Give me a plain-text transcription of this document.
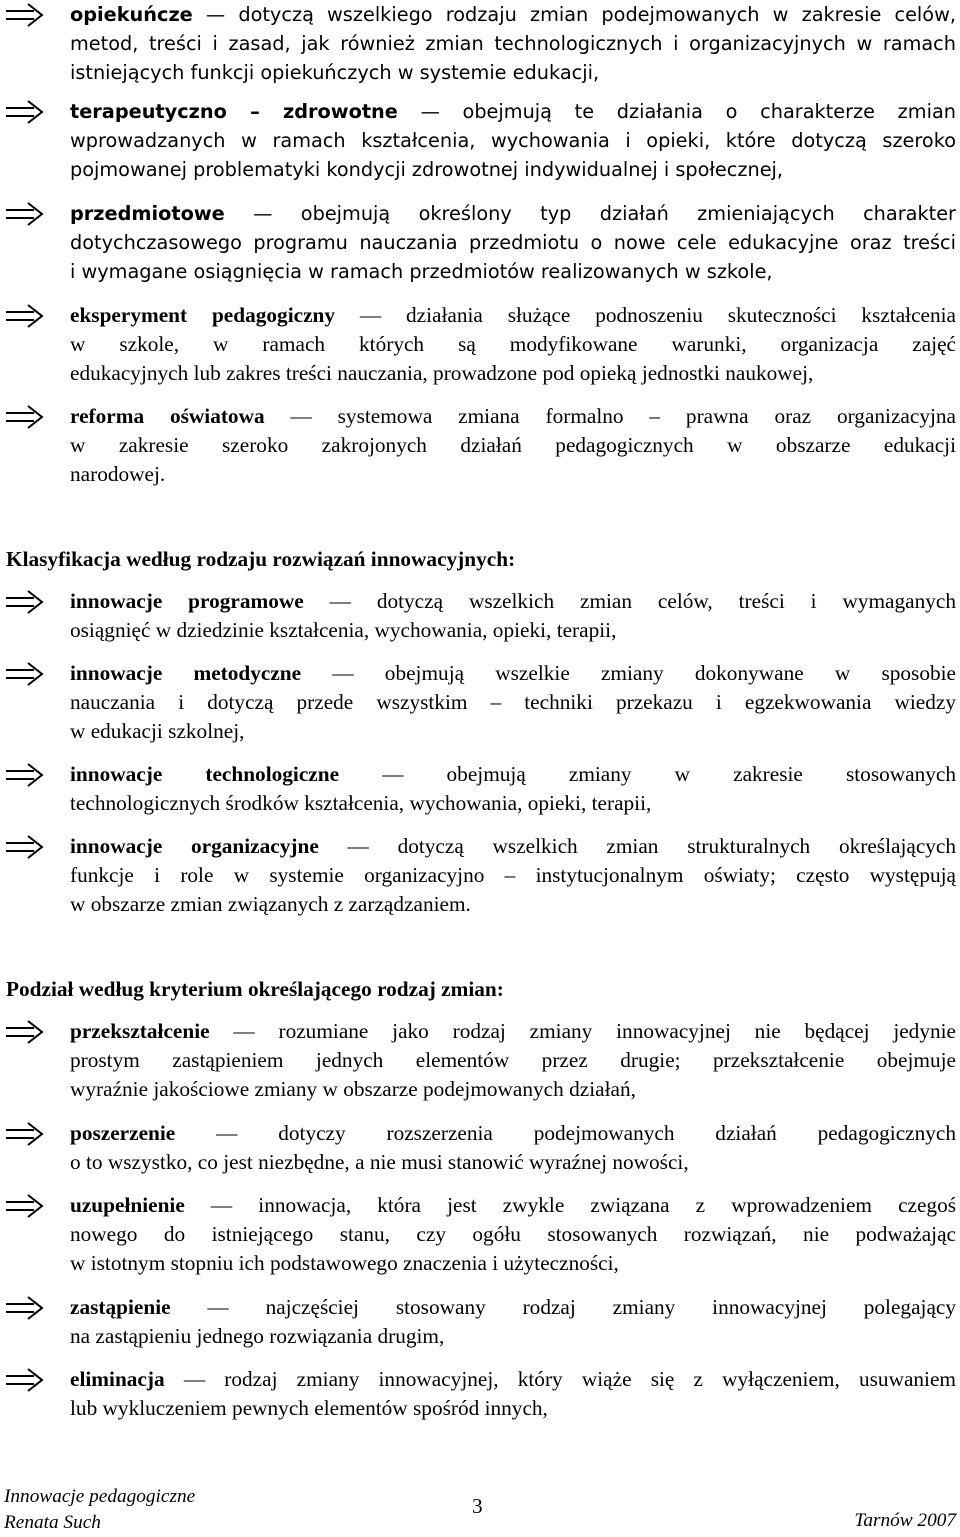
opiekuńcze — dotyczą wszelkiego rodzaju zmian podejmowanych w zakresie celów,
metod, treści i zasad, jak również zmian technologicznych i organizacyjnych w ramach
istniejących funkcji opiekuńczych w systemie edukacji,

terapeutyczno – zdrowotne — obejmują te działania o charakterze zmian
wprowadzanych w ramach kształcenia, wychowania i opieki, które dotyczą szeroko
pojmowanej problematyki kondycji zdrowotnej indywidualnej i społecznej,

przedmiotowe — obejmują określony typ działań zmieniających charakter
dotychczasowego programu nauczania przedmiotu o nowe cele edukacyjne oraz treści
i wymagane osiągnięcia w ramach przedmiotów realizowanych w szkole,

eksperyment pedagogiczny — działania służące podnoszeniu skuteczności kształcenia
w szkole, w ramach których są modyfikowane warunki, organizacja zajęć
edukacyjnych lub zakres treści nauczania, prowadzone pod opieką jednostki naukowej,

reforma oświatowa — systemowa zmiana formalno – prawna oraz organizacyjna
w zakresie szeroko zakrojonych działań pedagogicznych w obszarze edukacji
narodowej.

Klasyfikacja według rodzaju rozwiązań innowacyjnych:

innowacje programowe — dotyczą wszelkich zmian celów, treści i wymaganych
osiągnięć w dziedzinie kształcenia, wychowania, opieki, terapii,

innowacje metodyczne — obejmują wszelkie zmiany dokonywane w sposobie
nauczania i dotyczą przede wszystkim – techniki przekazu i egzekwowania wiedzy
w edukacji szkolnej,

innowacje technologiczne — obejmują zmiany w zakresie stosowanych
technologicznych środków kształcenia, wychowania, opieki, terapii,

innowacje organizacyjne — dotyczą wszelkich zmian strukturalnych określających
funkcje i role w systemie organizacyjno – instytucjonalnym oświaty; często występują
w obszarze zmian związanych z zarządzaniem.

Podział według kryterium określającego rodzaj zmian:

przekształcenie — rozumiane jako rodzaj zmiany innowacyjnej nie będącej jedynie
prostym zastąpieniem jednych elementów przez drugie; przekształcenie obejmuje
wyraźnie jakościowe zmiany w obszarze podejmowanych działań,

poszerzenie — dotyczy rozszerzenia podejmowanych działań pedagogicznych
o to wszystko, co jest niezbędne, a nie musi stanowić wyraźnej nowości,

uzupełnienie — innowacja, która jest zwykle związana z wprowadzeniem czegoś
nowego do istniejącego stanu, czy ogółu stosowanych rozwiązań, nie podważając
w istotnym stopniu ich podstawowego znaczenia i użyteczności,

zastąpienie — najczęściej stosowany rodzaj zmiany innowacyjnej polegający
na zastąpieniu jednego rozwiązania drugim,

eliminacja — rodzaj zmiany innowacyjnej, który wiąże się z wyłączeniem, usuwaniem
lub wykluczeniem pewnych elementów spośród innych,

Innowacje pedagogiczne
Renata Such
3
Tarnów 2007
